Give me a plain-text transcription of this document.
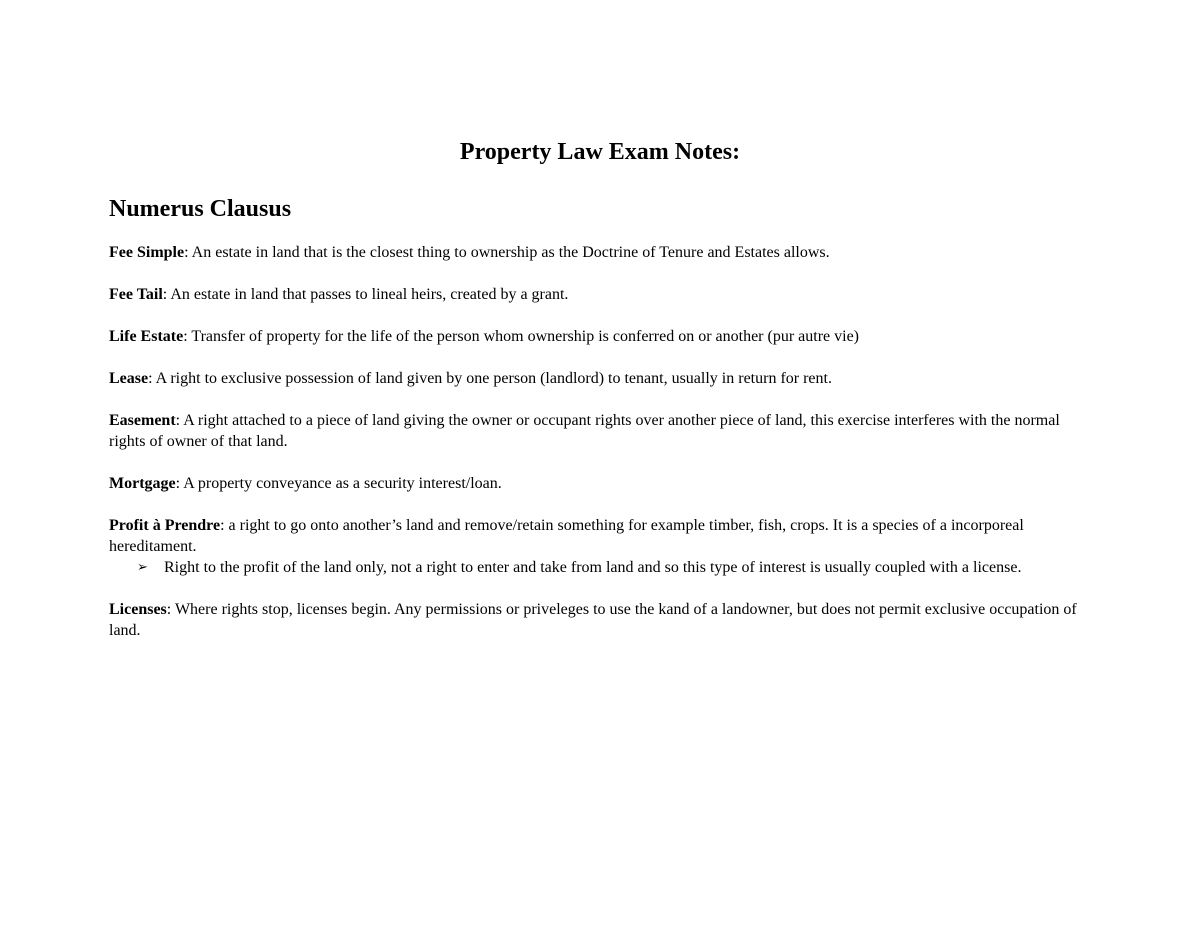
Property Law Exam Notes:
Numerus Clausus

Fee Simple: An estate in land that is the closest thing to ownership as the Doctrine of Tenure and Estates allows.

Fee Tail: An estate in land that passes to lineal heirs, created by a grant.

Life Estate: Transfer of property for the life of the person whom ownership is conferred on or another (pur autre vie)

Lease: A right to exclusive possession of land given by one person (landlord) to tenant, usually in return for rent.

Easement: A right attached to a piece of land giving the owner or occupant rights over another piece of land, this exercise interferes with the normal rights of owner of that land.

Mortgage: A property conveyance as a security interest/loan.

Profit à Prendre: a right to go onto another’s land and remove/retain something for example timber, fish, crops. It is a species of a incorporeal hereditament.
➢ Right to the profit of the land only, not a right to enter and take from land and so this type of interest is usually coupled with a license.

Licenses: Where rights stop, licenses begin. Any permissions or priveleges to use the kand of a landowner, but does not permit exclusive occupation of land.
